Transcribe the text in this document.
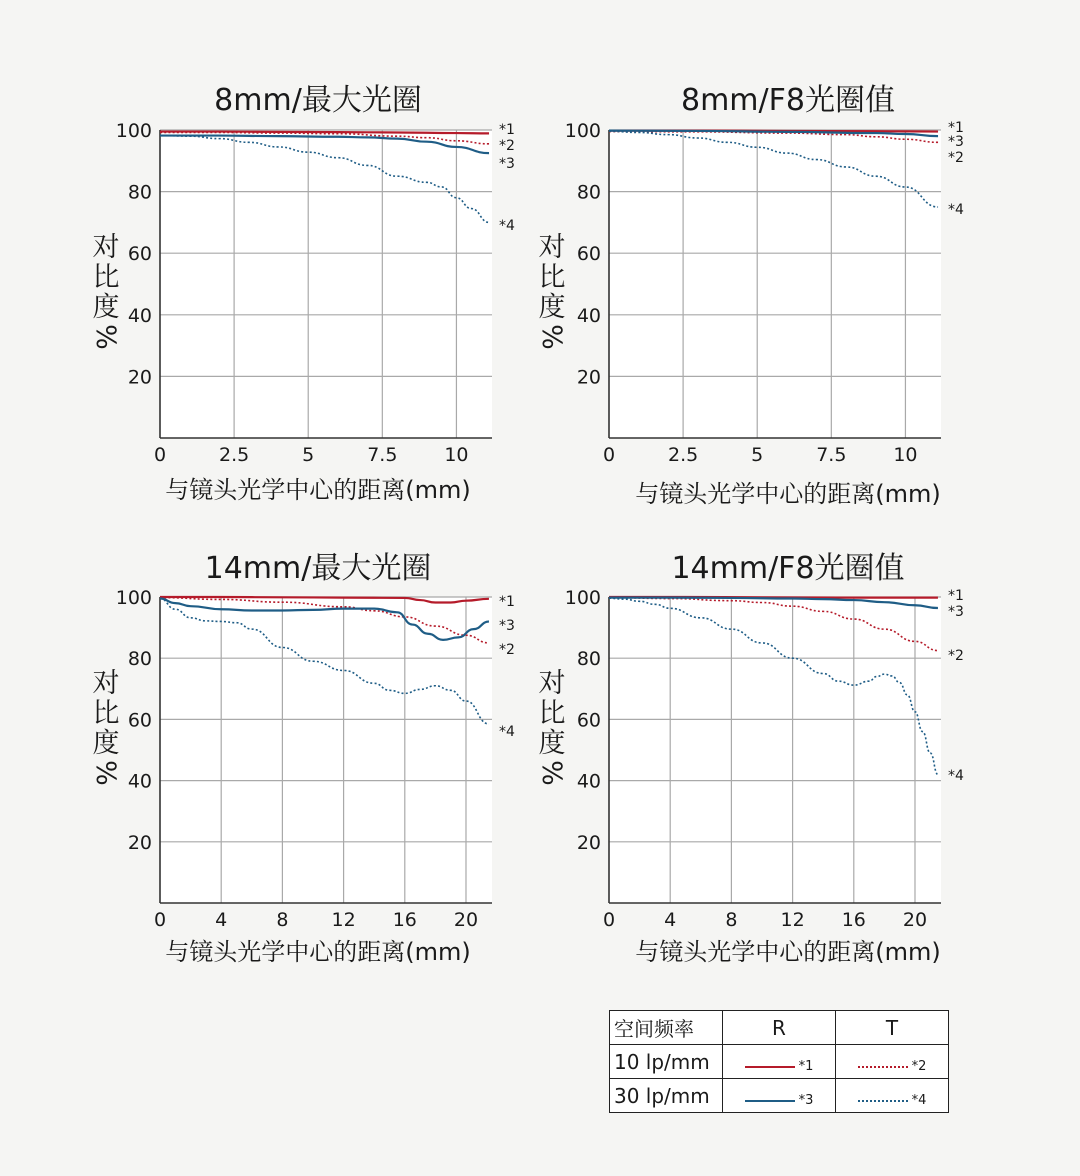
0	2.5	5	7.5 10
20
40
60
80
100
8mm/最大光圈
与镜头光学中心的距离(mm)
对
比
度
%
*1
*2
*3
*4
0	2.5	5	7.5 10
20
40
60
80
100
8mm/F8光圈值
与镜头光学中心的距离(mm)
对
比
度
%
*1
*3
*2
*4
0	4	8 12 16 20
20
40
60
80
100
14mm/最大光圈
与镜头光学中心的距离(mm)
对
比
度
%
*1
*3
*2
*4
0	4	8 12 16 20
20
40
60
80
100
14mm/F8光圈值
与镜头光学中心的距离(mm)
对
比
度
%
*1
*3
*2
*4
空间频率	R	T
10 lp/mm	*1	*2

30 lp/mm	*3	*4
